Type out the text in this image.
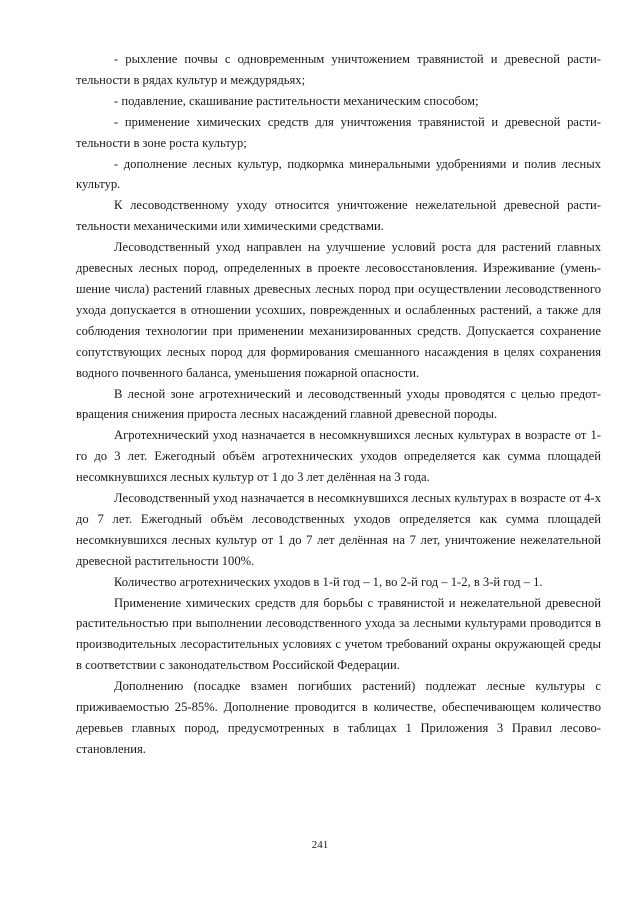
- рыхление почвы с одновременным уничтожением травянистой и древесной растительности в рядах культур и междурядьях;

- подавление, скашивание растительности механическим способом;

- применение химических средств для уничтожения травянистой и древесной растительности в зоне роста культур;

- дополнение лесных культур, подкормка минеральными удобрениями и полив лесных культур.

К лесоводственному уходу относится уничтожение нежелательной древесной растительности механическими или химическими средствами.

Лесоводственный уход направлен на улучшение условий роста для растений главных древесных лесных пород, определенных в проекте лесовосстановления. Изреживание (уменьшение числа) растений главных древесных лесных пород при осуществлении лесоводственного ухода допускается в отношении усохших, поврежденных и ослабленных растений, а также для соблюдения технологии при применении механизированных средств. Допускается сохранение сопутствующих лесных пород для формирования смешанного насаждения в целях сохранения водного почвенного баланса, уменьшения пожарной опасности.

В лесной зоне агротехнический и лесоводственный уходы проводятся с целью предотвращения снижения прироста лесных насаждений главной древесной породы.

Агротехнический уход назначается в несомкнувшихся лесных культурах в возрасте от 1-го до 3 лет. Ежегодный объём агротехнических уходов определяется как сумма площадей несомкнувшихся лесных культур от 1 до 3 лет делённая на 3 года.

Лесоводственный уход назначается в несомкнувшихся лесных культурах в возрасте от 4-х до 7 лет. Ежегодный объём лесоводственных уходов определяется как сумма площадей несомкнувшихся лесных культур от 1 до 7 лет делённая на 7 лет, уничтожение нежелательной древесной растительности 100%.

Количество агротехнических уходов в 1-й год – 1, во 2-й год – 1-2, в 3-й год – 1.

Применение химических средств для борьбы с травянистой и нежелательной древесной растительностью при выполнении лесоводственного ухода за лесными культурами проводится в производительных лесорастительных условиях с учетом требований охраны окружающей среды в соответствии с законодательством Российской Федерации.

Дополнению (посадке взамен погибших растений) подлежат лесные культуры с приживаемостью 25-85%. Дополнение проводится в количестве, обеспечивающем количество деревьев главных пород, предусмотренных в таблицах 1 Приложения 3 Правил лесовостановления.

241
